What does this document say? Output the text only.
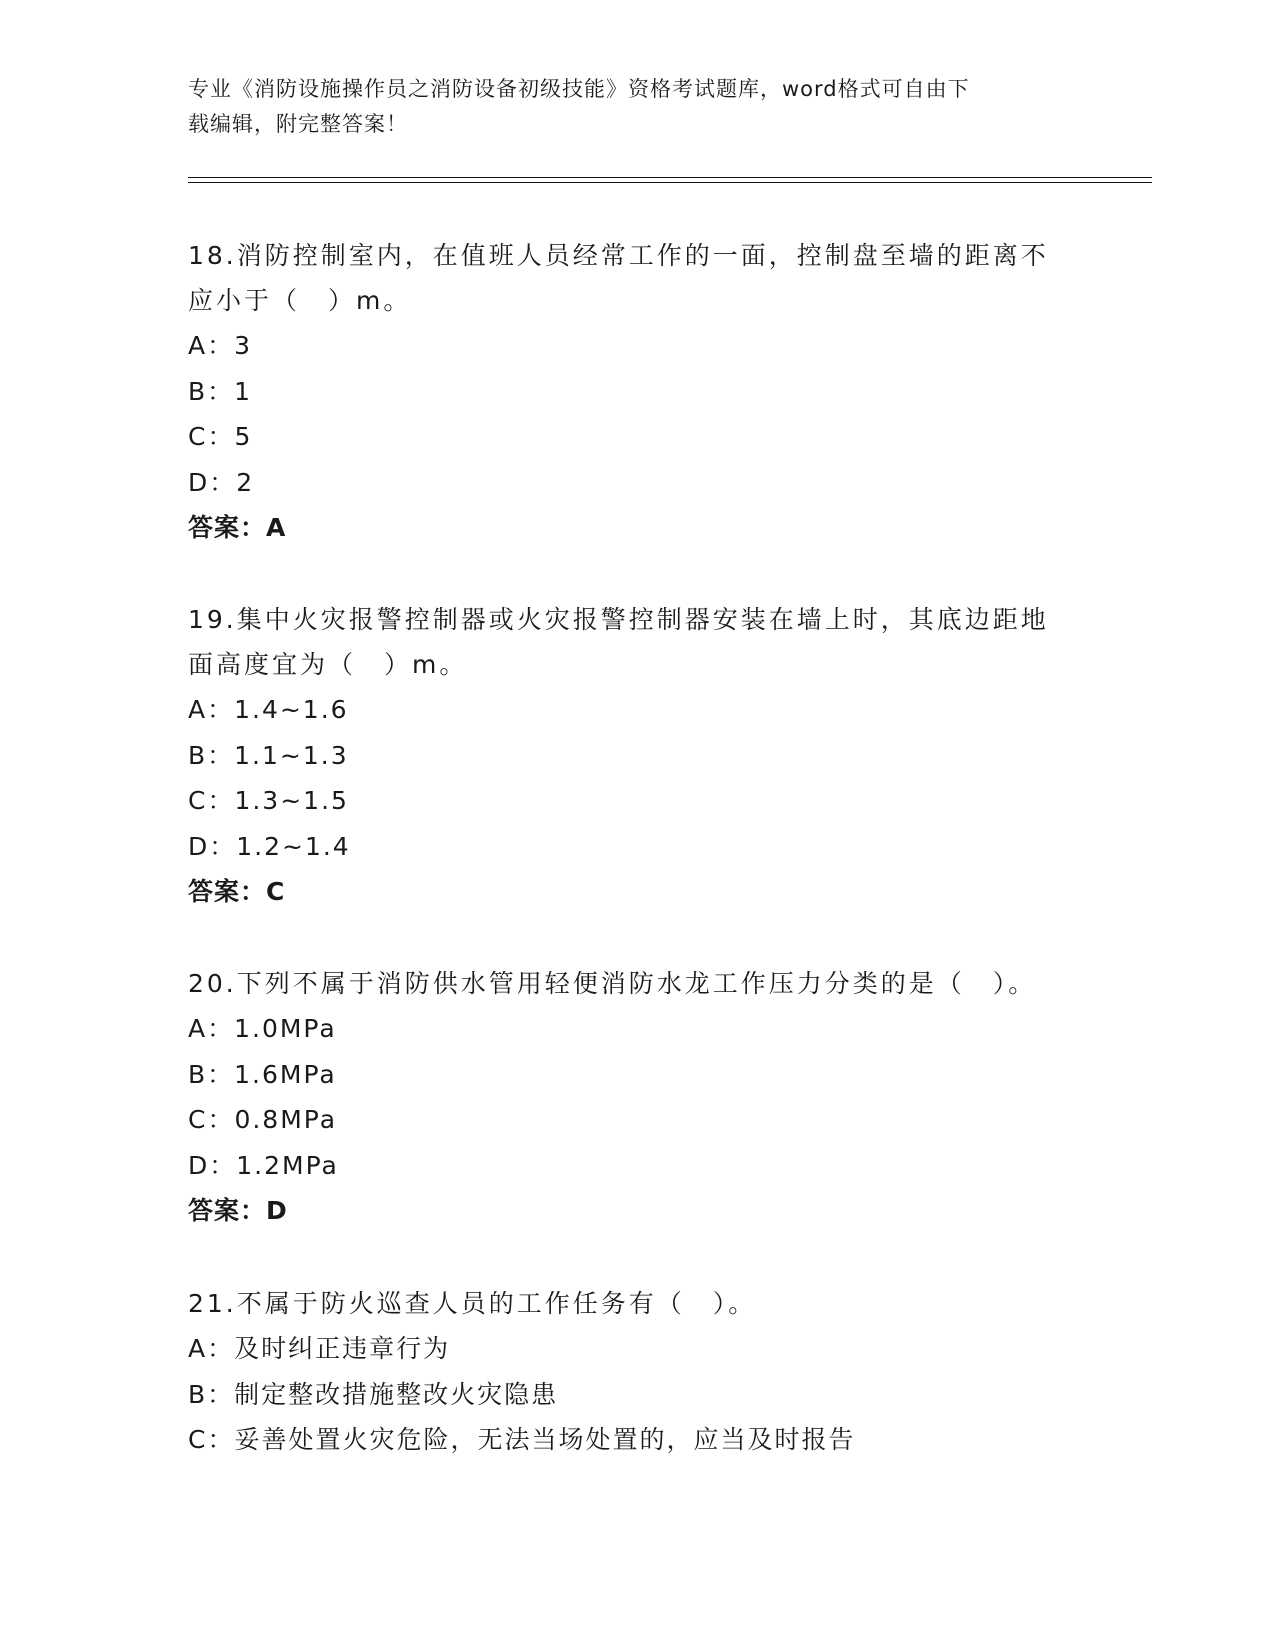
专业《消防设施操作员之消防设备初级技能》资格考试题库，word格式可自由下
载编辑，附完整答案！

18.消防控制室内，在值班人员经常工作的一面，控制盘至墙的距离不

应小于（　）m。

A：3

B：1

C：5

D：2

答案：A

19.集中火灾报警控制器或火灾报警控制器安装在墙上时，其底边距地

面高度宜为（　）m。

A：1.4~1.6

B：1.1~1.3

C：1.3~1.5

D：1.2~1.4

答案：C

20.下列不属于消防供水管用轻便消防水龙工作压力分类的是（　）。

A：1.0MPa

B：1.6MPa

C：0.8MPa

D：1.2MPa

答案：D

21.不属于防火巡查人员的工作任务有（　）。

A：及时纠正违章行为

B：制定整改措施整改火灾隐患

C：妥善处置火灾危险，无法当场处置的，应当及时报告
